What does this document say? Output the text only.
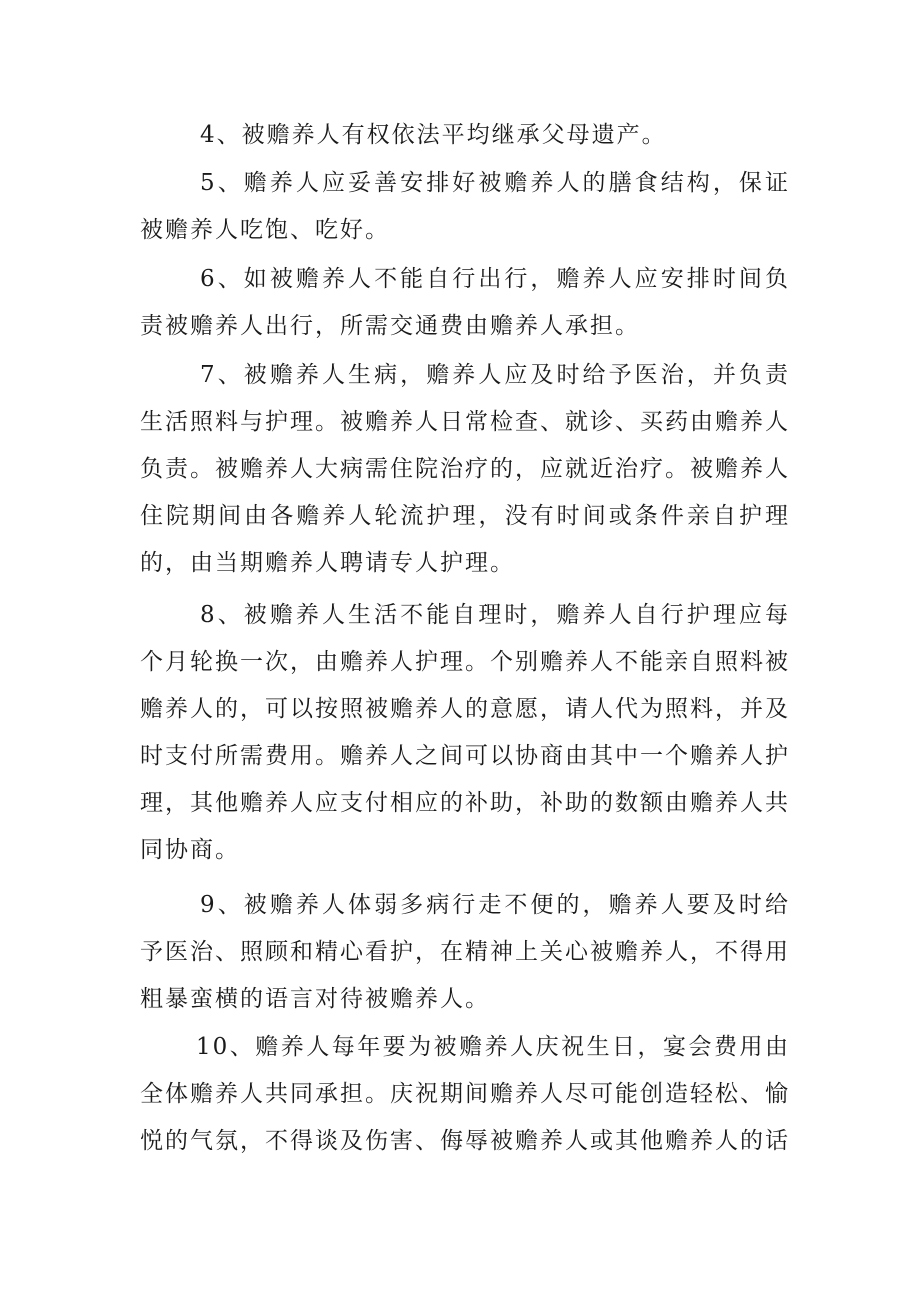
4、被赡养人有权依法平均继承父母遗产。

5、赡养人应妥善安排好被赡养人的膳食结构，保证被赡养人吃饱、吃好。

6、如被赡养人不能自行出行，赡养人应安排时间负责被赡养人出行，所需交通费由赡养人承担。

7、被赡养人生病，赡养人应及时给予医治，并负责生活照料与护理。被赡养人日常检查、就诊、买药由赡养人负责。被赡养人大病需住院治疗的，应就近治疗。被赡养人住院期间由各赡养人轮流护理，没有时间或条件亲自护理的，由当期赡养人聘请专人护理。

8、被赡养人生活不能自理时，赡养人自行护理应每个月轮换一次，由赡养人护理。个别赡养人不能亲自照料被赡养人的，可以按照被赡养人的意愿，请人代为照料，并及时支付所需费用。赡养人之间可以协商由其中一个赡养人护理，其他赡养人应支付相应的补助，补助的数额由赡养人共同协商。

9、被赡养人体弱多病行走不便的，赡养人要及时给予医治、照顾和精心看护，在精神上关心被赡养人，不得用粗暴蛮横的语言对待被赡养人。

10、赡养人每年要为被赡养人庆祝生日，宴会费用由全体赡养人共同承担。庆祝期间赡养人尽可能创造轻松、愉悦的气氛，不得谈及伤害、侮辱被赡养人或其他赡养人的话
